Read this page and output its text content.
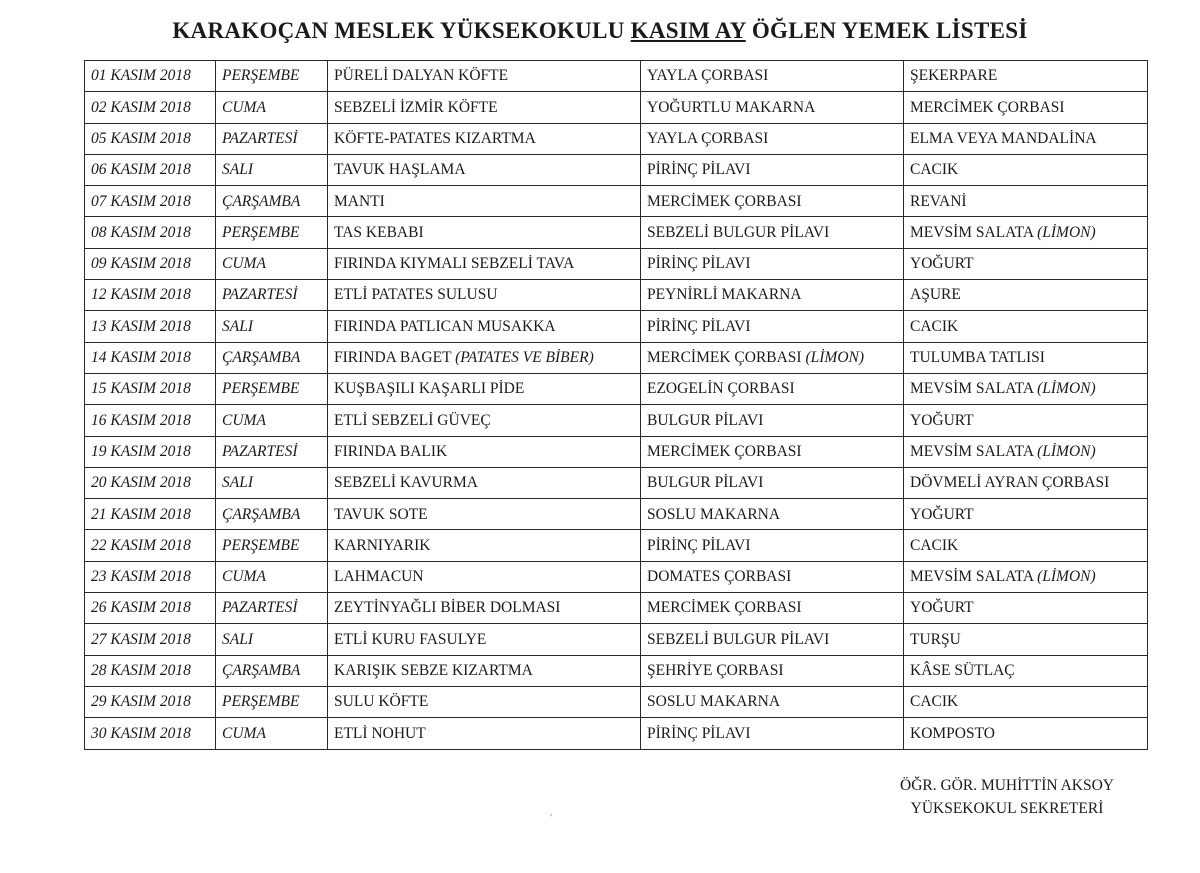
KARAKOÇAN MESLEK YÜKSEKOKULU KASIM AY ÖĞLEN YEMEK LİSTESİ
01 KASIM 2018	PERŞEMBE	PÜRELİ DALYAN KÖFTE	YAYLA ÇORBASI	ŞEKERPARE
02 KASIM 2018	CUMA	SEBZELİ İZMİR KÖFTE	YOĞURTLU MAKARNA	MERCİMEK ÇORBASI
05 KASIM 2018	PAZARTESİ	KÖFTE-PATATES KIZARTMA	YAYLA ÇORBASI	ELMA VEYA MANDALİNA
06 KASIM 2018	SALI	TAVUK HAŞLAMA	PİRİNÇ PİLAVI	CACIK
07 KASIM 2018	ÇARŞAMBA	MANTI	MERCİMEK ÇORBASI	REVANİ
08 KASIM 2018	PERŞEMBE	TAS KEBABI	SEBZELİ BULGUR PİLAVI	MEVSİM SALATA (LİMON)
09 KASIM 2018	CUMA	FIRINDA KIYMALI SEBZELİ TAVA	PİRİNÇ PİLAVI	YOĞURT
12 KASIM 2018	PAZARTESİ	ETLİ PATATES SULUSU	PEYNİRLİ MAKARNA	AŞURE
13 KASIM 2018	SALI	FIRINDA PATLICAN MUSAKKA	PİRİNÇ PİLAVI	CACIK
14 KASIM 2018	ÇARŞAMBA	FIRINDA BAGET (PATATES VE BİBER)	MERCİMEK ÇORBASI (LİMON)	TULUMBA TATLISI
15 KASIM 2018	PERŞEMBE	KUŞBAŞILI KAŞARLI PİDE	EZOGELİN ÇORBASI	MEVSİM SALATA (LİMON)
16 KASIM 2018	CUMA	ETLİ SEBZELİ GÜVEÇ	BULGUR PİLAVI	YOĞURT
19 KASIM 2018	PAZARTESİ	FIRINDA BALIK	MERCİMEK ÇORBASI	MEVSİM SALATA (LİMON)
20 KASIM 2018	SALI	SEBZELİ KAVURMA	BULGUR PİLAVI	DÖVMELİ AYRAN ÇORBASI
21 KASIM 2018	ÇARŞAMBA	TAVUK SOTE	SOSLU MAKARNA	YOĞURT
22 KASIM 2018	PERŞEMBE	KARNIYARIK	PİRİNÇ PİLAVI	CACIK
23 KASIM 2018	CUMA	LAHMACUN	DOMATES ÇORBASI	MEVSİM SALATA (LİMON)
26 KASIM 2018	PAZARTESİ	ZEYTİNYAĞLI BİBER DOLMASI	MERCİMEK ÇORBASI	YOĞURT
27 KASIM 2018	SALI	ETLİ KURU FASULYE	SEBZELİ BULGUR PİLAVI	TURŞU
28 KASIM 2018	ÇARŞAMBA	KARIŞIK SEBZE KIZARTMA	ŞEHRİYE ÇORBASI	KÂSE SÜTLAÇ
29 KASIM 2018	PERŞEMBE	SULU KÖFTE	SOSLU MAKARNA	CACIK
30 KASIM 2018	CUMA	ETLİ NOHUT	PİRİNÇ PİLAVI	KOMPOSTO
ÖĞR. GÖR. MUHİTTİN AKSOY
YÜKSEKOKUL SEKRETERİ
'
